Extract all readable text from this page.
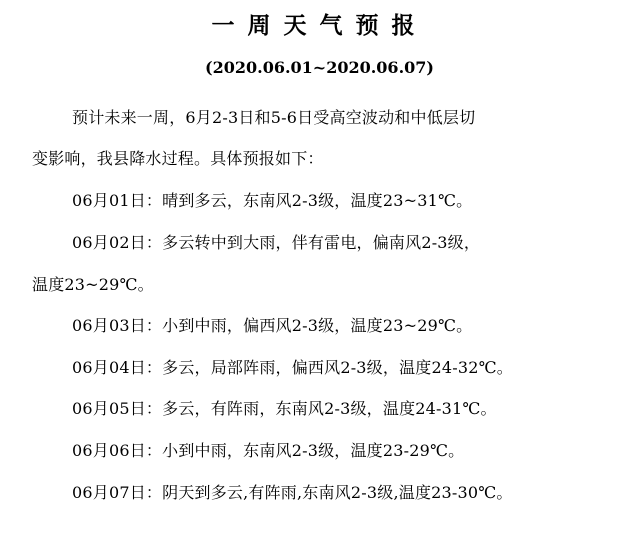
一周天气预报
(2020.06.01~2020.06.07)
预计未来一周，6月2-3日和5-6日受高空波动和中低层切
变影响，我县降水过程。具体预报如下：
06月01日：晴到多云，东南风2-3级，温度23~31℃。
06月02日：多云转中到大雨，伴有雷电，偏南风2-3级，
温度23~29℃。
06月03日：小到中雨，偏西风2-3级，温度23~29℃。
06月04日：多云，局部阵雨，偏西风2-3级，温度24-32℃。
06月05日：多云，有阵雨，东南风2-3级，温度24-31℃。
06月06日：小到中雨，东南风2-3级，温度23-29℃。
06月07日：阴天到多云,有阵雨,东南风2-3级,温度23-30℃。
